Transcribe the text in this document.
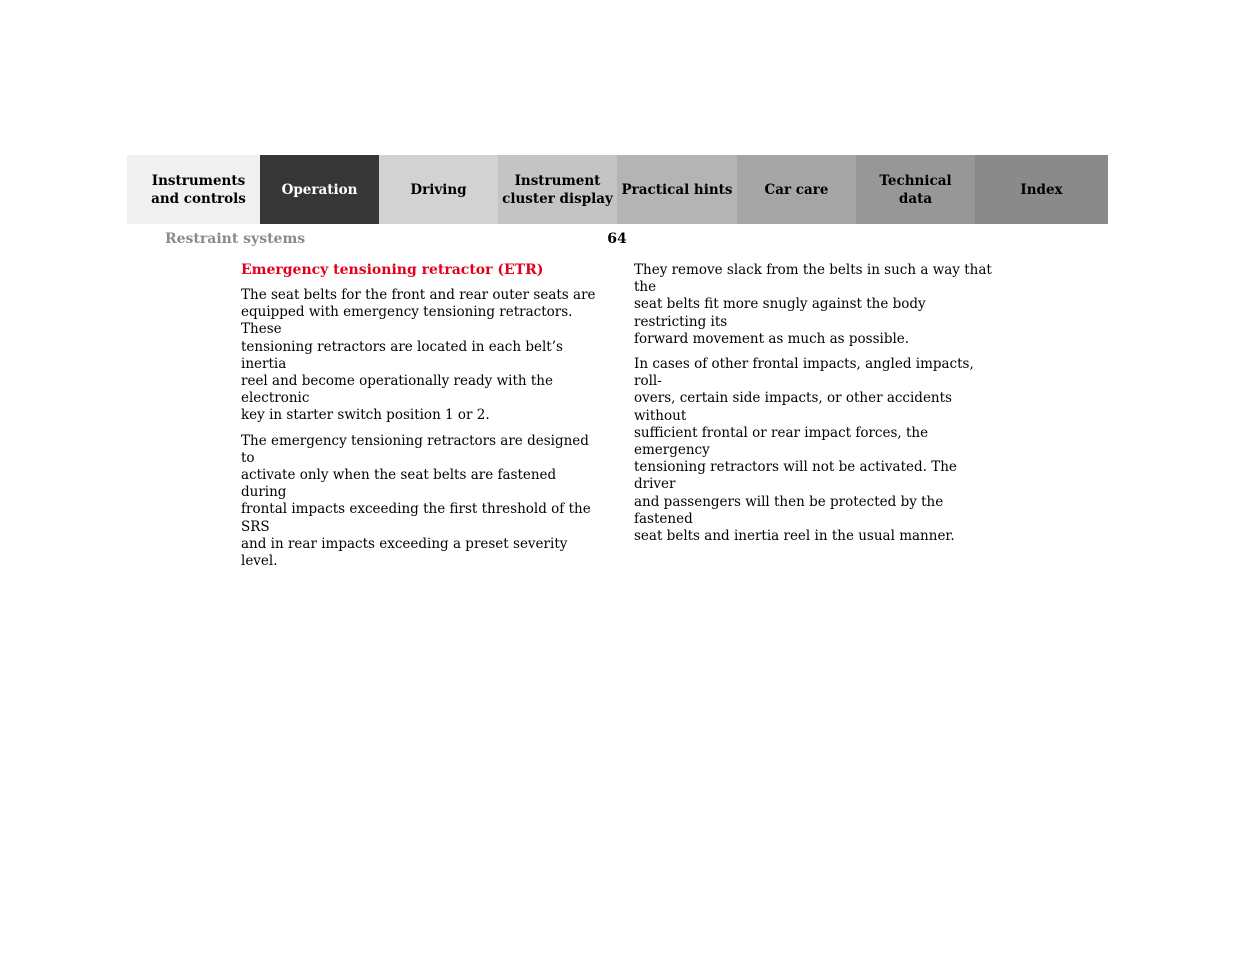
Instruments
and controls
Operation	Driving
Instrument
cluster display
Practical hints Car care
Technical
data
Index
Restraint systems	64
Emergency tensioning retractor (ETR)

The seat belts for the front and rear outer seats are
equipped with emergency tensioning retractors. These
tensioning retractors are located in each belt’s inertia
reel and become operationally ready with the electronic
key in starter switch position 1 or 2.

The emergency tensioning retractors are designed to
activate only when the seat belts are fastened during
frontal impacts exceeding the first threshold of the SRS
and in rear impacts exceeding a preset severity level.

They remove slack from the belts in such a way that the
seat belts fit more snugly against the body restricting its
forward movement as much as possible.

In cases of other frontal impacts, angled impacts, roll-
overs, certain side impacts, or other accidents without
sufficient frontal or rear impact forces, the emergency
tensioning retractors will not be activated. The driver
and passengers will then be protected by the fastened
seat belts and inertia reel in the usual manner.
